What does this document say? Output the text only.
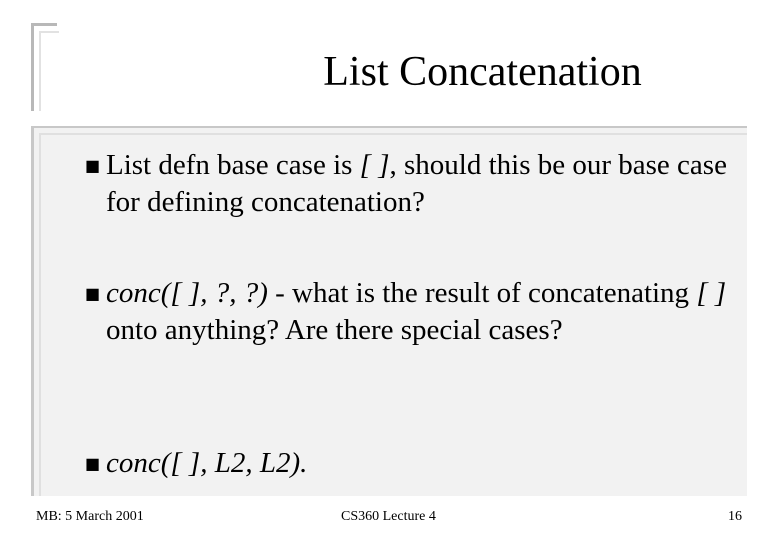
List Concatenation
■ List defn base case is [ ], should this be our base case for defining concatenation?
■ conc([ ], ?, ?) - what is the result of concatenating [ ] onto anything? Are there special cases?
■ conc([ ], L2, L2).
MB: 5 March 2001	CS360 Lecture 4	16
